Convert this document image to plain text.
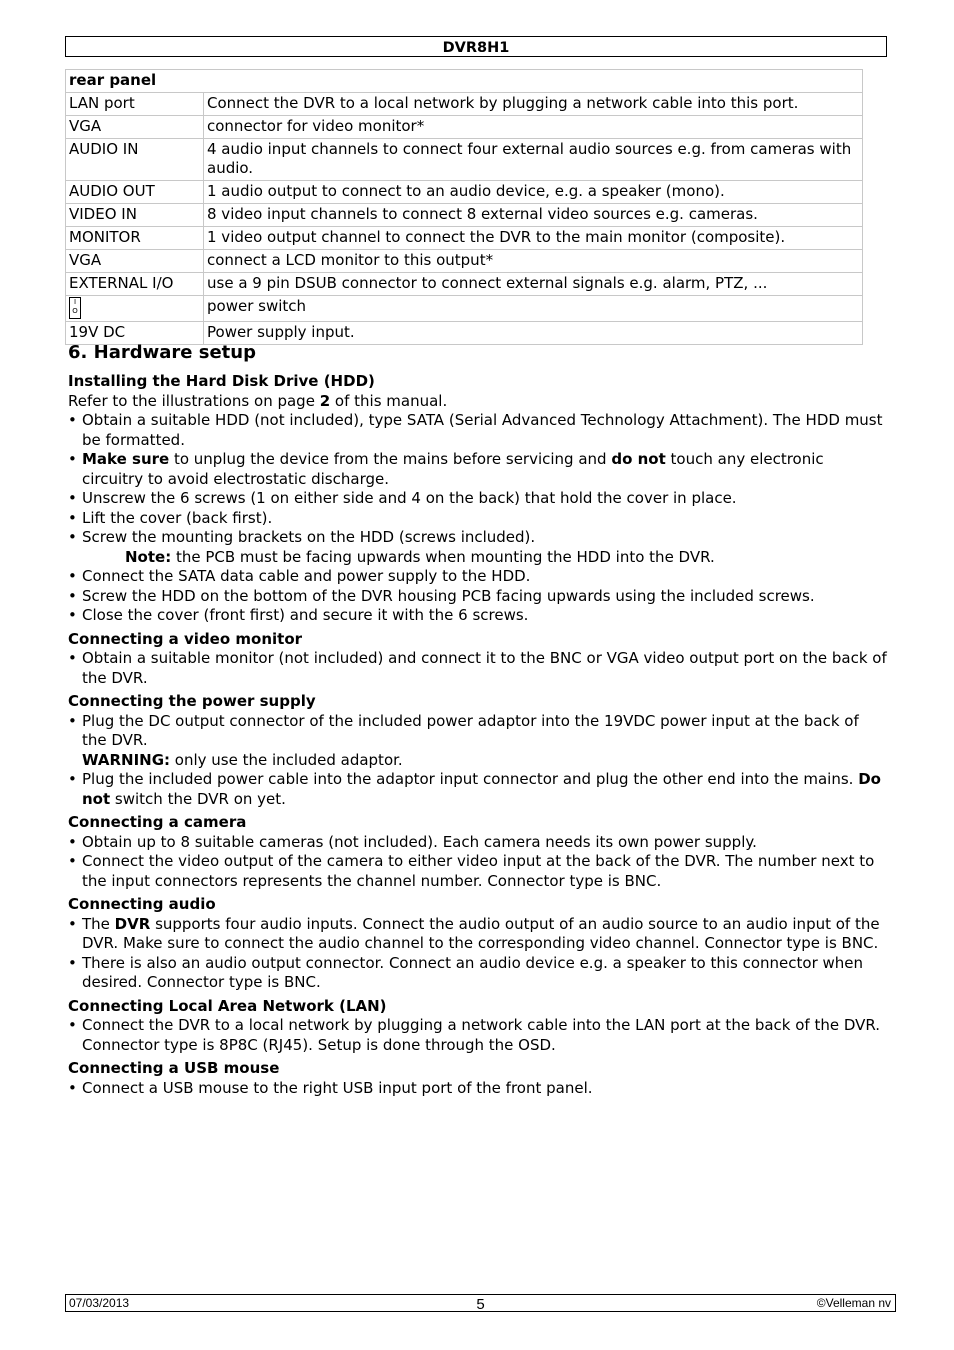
DVR8H1
rear panel	
LAN port	Connect the DVR to a local network by plugging a network cable into this port.
VGA	connector for video monitor*
AUDIO IN	4 audio input channels to connect four external audio sources e.g. from cameras with audio.
AUDIO OUT	1 audio output to connect to an audio device, e.g. a speaker (mono).
VIDEO IN	8 video input channels to connect 8 external video sources e.g. cameras.
MONITOR	1 video output channel to connect the DVR to the main monitor (composite).
VGA	connect a LCD monitor to this output*
EXTERNAL I/O	use a 9 pin DSUB connector to connect external signals e.g. alarm, PTZ, ...
I
O	power switch
19V DC	Power supply input.
6. Hardware setup
Installing the Hard Disk Drive (HDD)

Refer to the illustrations on page 2 of this manual.

• Obtain a suitable HDD (not included), type SATA (Serial Advanced Technology Attachment). The HDD must be formatted.
• Make sure to unplug the device from the mains before servicing and do not touch any electronic circuitry to avoid electrostatic discharge.
• Unscrew the 6 screws (1 on either side and 4 on the back) that hold the cover in place.
• Lift the cover (back first).
• Screw the mounting brackets on the HDD (screws included).

Note: the PCB must be facing upwards when mounting the HDD into the DVR.

• Connect the SATA data cable and power supply to the HDD.
• Screw the HDD on the bottom of the DVR housing PCB facing upwards using the included screws.
• Close the cover (front first) and secure it with the 6 screws.
Connecting a video monitor
• Obtain a suitable monitor (not included) and connect it to the BNC or VGA video output port on the back of the DVR.
Connecting the power supply
• Plug the DC output connector of the included power adaptor into the 19VDC power input at the back of the DVR.
WARNING: only use the included adaptor.
• Plug the included power cable into the adaptor input connector and plug the other end into the mains. Do not switch the DVR on yet.
Connecting a camera
• Obtain up to 8 suitable cameras (not included). Each camera needs its own power supply.
• Connect the video output of the camera to either video input at the back of the DVR. The number next to the input connectors represents the channel number. Connector type is BNC.
Connecting audio
• The DVR supports four audio inputs. Connect the audio output of an audio source to an audio input of the DVR. Make sure to connect the audio channel to the corresponding video channel. Connector type is BNC.
• There is also an audio output connector. Connect an audio device e.g. a speaker to this connector when desired. Connector type is BNC.
Connecting Local Area Network (LAN)
• Connect the DVR to a local network by plugging a network cable into the LAN port at the back of the DVR. Connector type is 8P8C (RJ45). Setup is done through the OSD.
Connecting a USB mouse
• Connect a USB mouse to the right USB input port of the front panel.
07/03/2013	5	©Velleman nv
